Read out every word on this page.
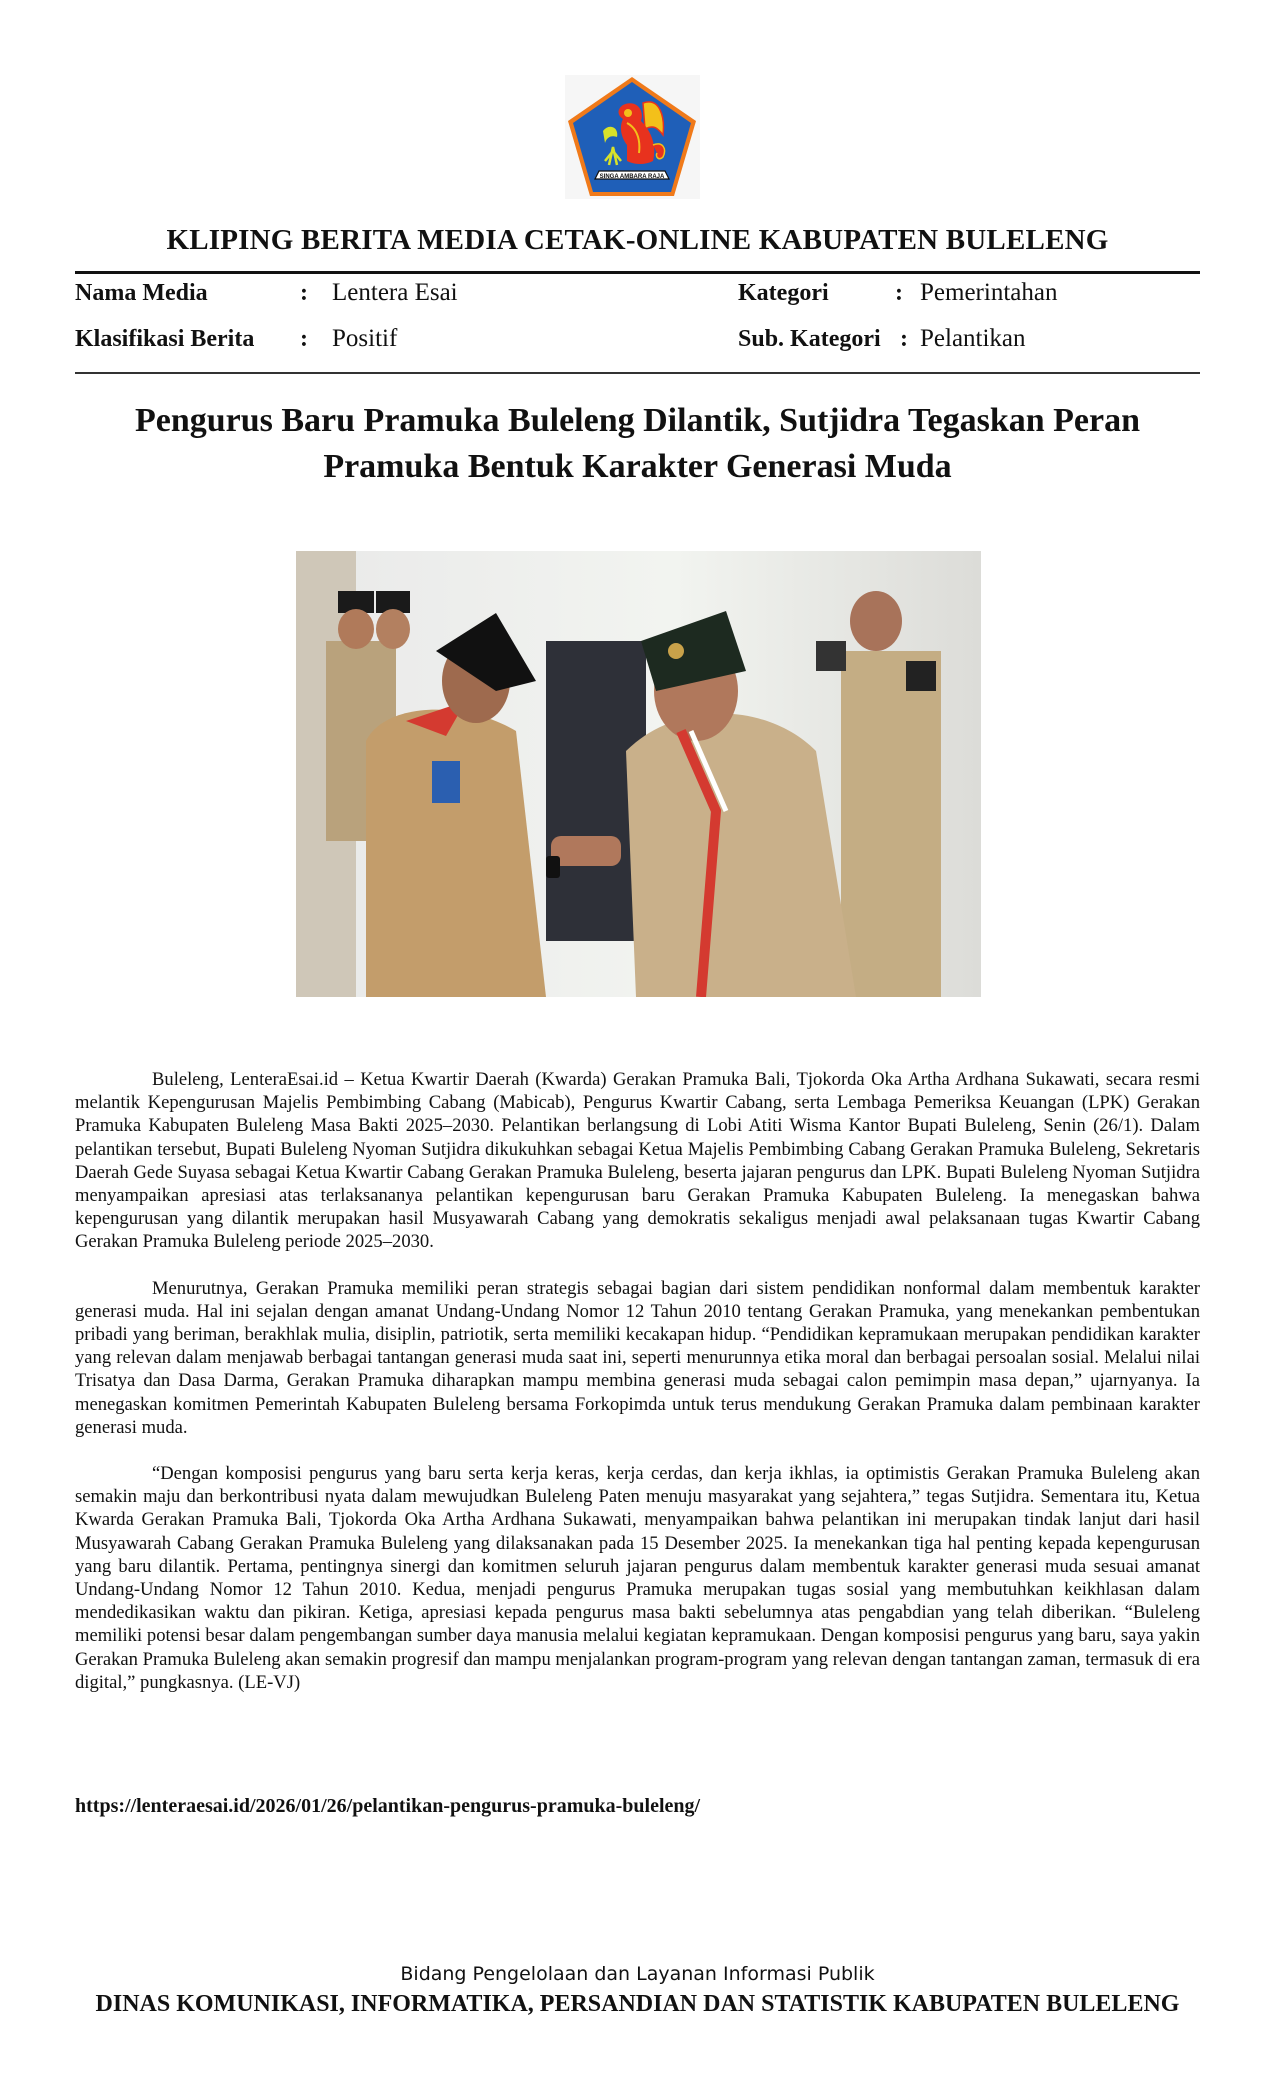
SINGA AMBARA RAJA
KLIPING BERITA MEDIA CETAK-ONLINE KABUPATEN BULELENG
Nama Media	: Lentera Esai
Klasifikasi Berita : Positif
Kategori	: Pemerintahan
Sub. Kategori : Pelantikan
Pengurus Baru Pramuka Buleleng Dilantik, Sutjidra Tegaskan Peran
Pramuka Bentuk Karakter Generasi Muda

Buleleng, LenteraEsai.id – Ketua Kwartir Daerah (Kwarda) Gerakan Pramuka Bali, Tjokorda Oka Artha Ardhana Sukawati, secara resmi melantik Kepengurusan Majelis Pembimbing Cabang (Mabicab), Pengurus Kwartir Cabang, serta Lembaga Pemeriksa Keuangan (LPK) Gerakan Pramuka Kabupaten Buleleng Masa Bakti 2025–2030. Pelantikan berlangsung di Lobi Atiti Wisma Kantor Bupati Buleleng, Senin (26/1). Dalam pelantikan tersebut, Bupati Buleleng Nyoman Sutjidra dikukuhkan sebagai Ketua Majelis Pembimbing Cabang Gerakan Pramuka Buleleng, Sekretaris Daerah Gede Suyasa sebagai Ketua Kwartir Cabang Gerakan Pramuka Buleleng, beserta jajaran pengurus dan LPK. Bupati Buleleng Nyoman Sutjidra menyampaikan apresiasi atas terlaksananya pelantikan kepengurusan baru Gerakan Pramuka Kabupaten Buleleng. Ia menegaskan bahwa kepengurusan yang dilantik merupakan hasil Musyawarah Cabang yang demokratis sekaligus menjadi awal pelaksanaan tugas Kwartir Cabang Gerakan Pramuka Buleleng periode 2025–2030.

Menurutnya, Gerakan Pramuka memiliki peran strategis sebagai bagian dari sistem pendidikan nonformal dalam membentuk karakter generasi muda. Hal ini sejalan dengan amanat Undang-Undang Nomor 12 Tahun 2010 tentang Gerakan Pramuka, yang menekankan pembentukan pribadi yang beriman, berakhlak mulia, disiplin, patriotik, serta memiliki kecakapan hidup. “Pendidikan kepramukaan merupakan pendidikan karakter yang relevan dalam menjawab berbagai tantangan generasi muda saat ini, seperti menurunnya etika moral dan berbagai persoalan sosial. Melalui nilai Trisatya dan Dasa Darma, Gerakan Pramuka diharapkan mampu membina generasi muda sebagai calon pemimpin masa depan,” ujarnyanya. Ia menegaskan komitmen Pemerintah Kabupaten Buleleng bersama Forkopimda untuk terus mendukung Gerakan Pramuka dalam pembinaan karakter generasi muda.

“Dengan komposisi pengurus yang baru serta kerja keras, kerja cerdas, dan kerja ikhlas, ia optimistis Gerakan Pramuka Buleleng akan semakin maju dan berkontribusi nyata dalam mewujudkan Buleleng Paten menuju masyarakat yang sejahtera,” tegas Sutjidra. Sementara itu, Ketua Kwarda Gerakan Pramuka Bali, Tjokorda Oka Artha Ardhana Sukawati, menyampaikan bahwa pelantikan ini merupakan tindak lanjut dari hasil Musyawarah Cabang Gerakan Pramuka Buleleng yang dilaksanakan pada 15 Desember 2025. Ia menekankan tiga hal penting kepada kepengurusan yang baru dilantik. Pertama, pentingnya sinergi dan komitmen seluruh jajaran pengurus dalam membentuk karakter generasi muda sesuai amanat Undang-Undang Nomor 12 Tahun 2010. Kedua, menjadi pengurus Pramuka merupakan tugas sosial yang membutuhkan keikhlasan dalam mendedikasikan waktu dan pikiran. Ketiga, apresiasi kepada pengurus masa bakti sebelumnya atas pengabdian yang telah diberikan. “Buleleng memiliki potensi besar dalam pengembangan sumber daya manusia melalui kegiatan kepramukaan. Dengan komposisi pengurus yang baru, saya yakin Gerakan Pramuka Buleleng akan semakin progresif dan mampu menjalankan program-program yang relevan dengan tantangan zaman, termasuk di era digital,” pungkasnya. (LE-VJ)

https://lenteraesai.id/2026/01/26/pelantikan-pengurus-pramuka-buleleng/
Bidang Pengelolaan dan Layanan Informasi Publik
DINAS KOMUNIKASI, INFORMATIKA, PERSANDIAN DAN STATISTIK KABUPATEN BULELENG
